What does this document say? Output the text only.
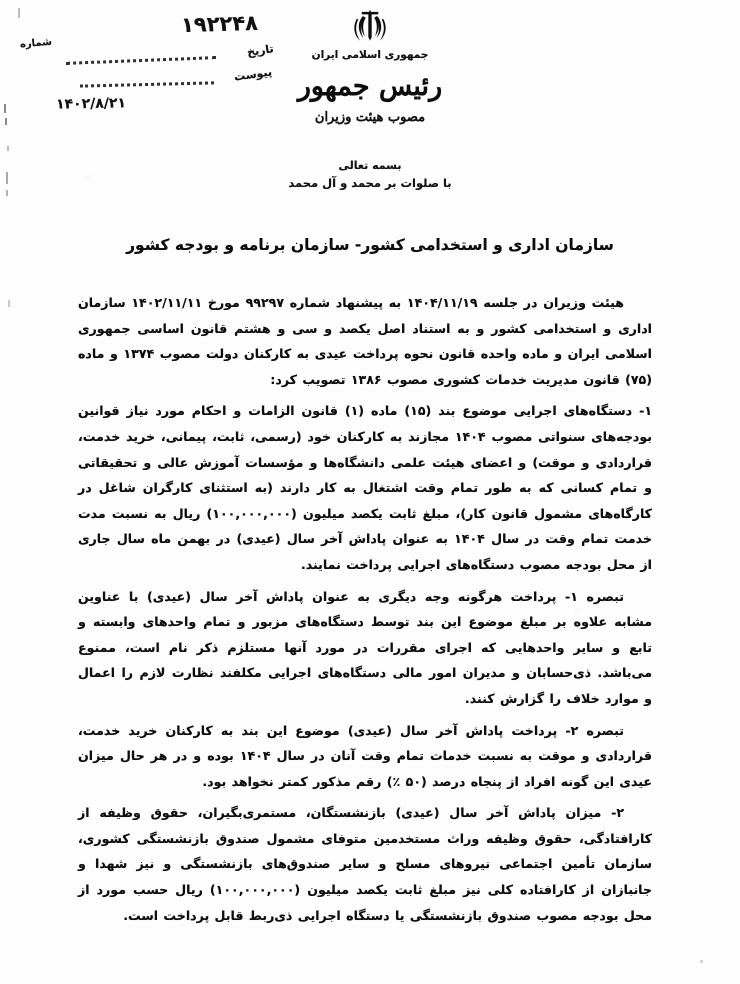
۱۹۲۲۴۸
شماره	تاریخ
پیوست
۱۴۰۲/۸/۲۱
جمهوری اسلامی ایران
رئیس جمهور
مصوب هیئت وزیران
بسمه تعالی
با صلوات بر محمد و آل محمد
سازمان اداری و استخدامی کشور- سازمان برنامه و بودجه کشور

هیئت وزیران در جلسه ۱۴۰۴/۱۱/۱۹ به پیشنهاد شماره ۹۹۲۹۷ مورخ ۱۴۰۲/۱۱/۱۱ سازمان اداری و استخدامی کشور و به استناد اصل یکصد و سی و هشتم قانون اساسی جمهوری اسلامی ایران و ماده واحده قانون نحوه پرداخت عیدی به کارکنان دولت مصوب ۱۳۷۴ و ماده (۷۵) قانون مدیریت خدمات کشوری مصوب ۱۳۸۶ تصویب کرد:

۱- دستگاه‌های اجرایی موضوع بند (۱۵) ماده (۱) قانون الزامات و احکام مورد نیاز قوانین بودجه‌های سنواتی مصوب ۱۴۰۴ مجازند به کارکنان خود (رسمی، ثابت، پیمانی، خرید خدمت، قراردادی و موقت) و اعضای هیئت علمی دانشگاه‌ها و مؤسسات آموزش عالی و تحقیقاتی و تمام کسانی که به طور تمام وقت اشتغال به کار دارند (به استثنای کارگران شاغل در کارگاه‌های مشمول قانون کار)، مبلغ ثابت یکصد میلیون (۱۰۰,۰۰۰,۰۰۰) ریال به نسبت مدت خدمت تمام وقت در سال ۱۴۰۴ به عنوان پاداش آخر سال (عیدی) در بهمن ماه سال جاری از محل بودجه مصوب دستگاه‌های اجرایی پرداخت نمایند.

تبصره ۱- پرداخت هرگونه وجه دیگری به عنوان پاداش آخر سال (عیدی) با عناوین مشابه علاوه بر مبلغ موضوع این بند توسط دستگاه‌های مزبور و تمام واحدهای وابسته و تابع و سایر واحدهایی که اجرای مقررات در مورد آنها مستلزم ذکر نام است، ممنوع می‌باشد. ذی‌حسابان و مدیران امور مالی دستگاه‌های اجرایی مکلفند نظارت لازم را اعمال و موارد خلاف را گزارش کنند.

تبصره ۲- پرداخت پاداش آخر سال (عیدی) موضوع این بند به کارکنان خرید خدمت، قراردادی و موقت به نسبت خدمات تمام وقت آنان در سال ۱۴۰۴ بوده و در هر حال میزان عیدی این گونه افراد از پنجاه درصد (۵۰ ٪) رقم مذکور کمتر نخواهد بود.

۲- میزان پاداش آخر سال (عیدی) بازنشستگان، مستمری‌بگیران، حقوق وظیفه از کارافتادگی، حقوق وظیفه وراث مستخدمین متوفای مشمول صندوق بازنشستگی کشوری، سازمان تأمین اجتماعی نیروهای مسلح و سایر صندوق‌های بازنشستگی و نیز شهدا و جانبازان از کارافتاده کلی نیز مبلغ ثابت یکصد میلیون (۱۰۰,۰۰۰,۰۰۰) ریال حسب مورد از محل بودجه مصوب صندوق بازنشستگی یا دستگاه اجرایی ذی‌ربط قابل پرداخت است.
